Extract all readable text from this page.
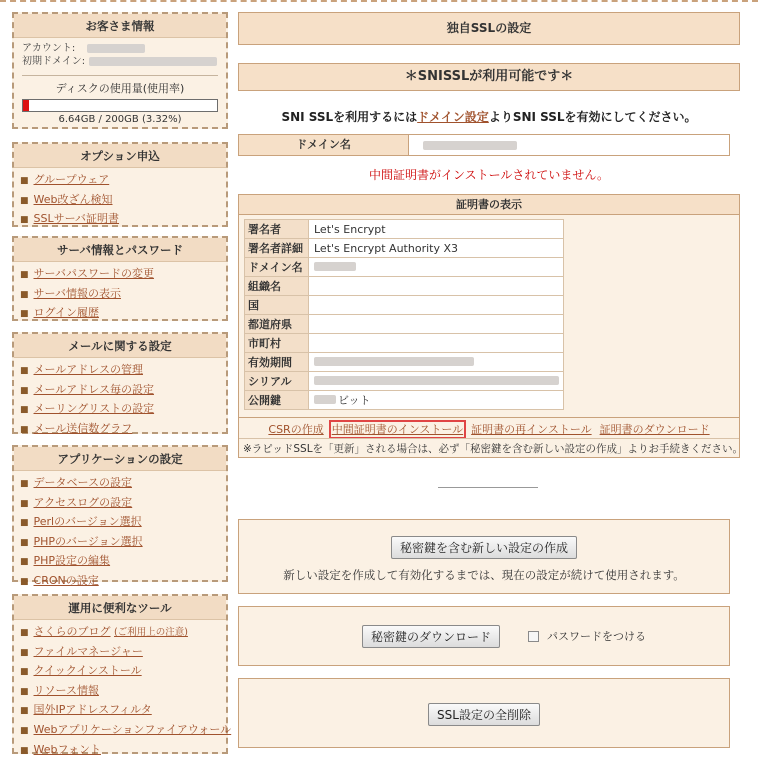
お客さま情報
アカウント:
初期ドメイン:
ディスクの使用量(使用率)
6.64GB / 200GB (3.32%)
オプション申込
■ グループウェア
■ Web改ざん検知
■ SSLサーバ証明書
サーバ情報とパスワード
■ サーバパスワードの変更
■ サーバ情報の表示
■ ログイン履歴
メールに関する設定
■ メールアドレスの管理
■ メールアドレス毎の設定
■ メーリングリストの設定
■ メール送信数グラフ
アプリケーションの設定
■ データベースの設定
■ アクセスログの設定
■ Perlのバージョン選択
■ PHPのバージョン選択
■ PHP設定の編集
■ CRONの設定
運用に便利なツール
■ さくらのブログ (ご利用上の注意)
■ ファイルマネージャー
■ クイックインストール
■ リソース情報
■ 国外IPアドレスフィルタ
■ Webアプリケーションファイアウォール
■ Webフォント
独自SSLの設定
＊SNISSLが利用可能です＊
SNI SSLを利用するにはドメイン設定よりSNI SSLを有効にしてください。
ドメイン名
中間証明書がインストールされていません。
証明書の表示
署名者	Let's Encrypt
署名者詳細	Let's Encrypt Authority X3
ドメイン名	
組織名	
国	
都道府県	
市町村	
有効期間	
シリアル	
公開鍵	ビット
CSRの作成 中間証明書のインストール 証明書の再インストール 証明書のダウンロード
※ラピッドSSLを「更新」される場合は、必ず「秘密鍵を含む新しい設定の作成」よりお手続きください。
秘密鍵を含む新しい設定の作成
新しい設定を作成して有効化するまでは、現在の設定が続けて使用されます。
秘密鍵のダウンロード	パスワードをつける
SSL設定の全削除
